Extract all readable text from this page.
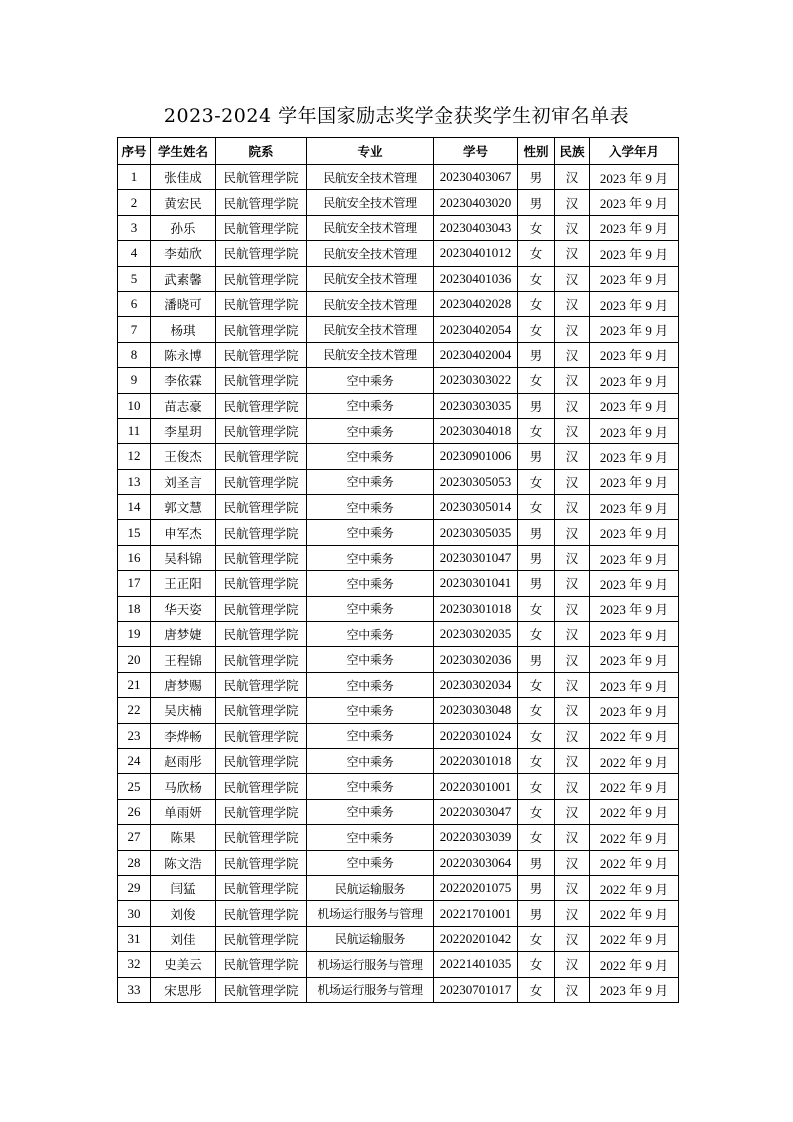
2023-2024 学年国家励志奖学金获奖学生初审名单表
序号	学生姓名	院系	专业	学号	性别	民族	入学年月
1	张佳成	民航管理学院	民航安全技术管理	20230403067	男	汉	2023 年 9 月
2	黄宏民	民航管理学院	民航安全技术管理	20230403020	男	汉	2023 年 9 月
3	孙乐	民航管理学院	民航安全技术管理	20230403043	女	汉	2023 年 9 月
4	李茹欣	民航管理学院	民航安全技术管理	20230401012	女	汉	2023 年 9 月
5	武素馨	民航管理学院	民航安全技术管理	20230401036	女	汉	2023 年 9 月
6	潘晓可	民航管理学院	民航安全技术管理	20230402028	女	汉	2023 年 9 月
7	杨琪	民航管理学院	民航安全技术管理	20230402054	女	汉	2023 年 9 月
8	陈永博	民航管理学院	民航安全技术管理	20230402004	男	汉	2023 年 9 月
9	李依霖	民航管理学院	空中乘务	20230303022	女	汉	2023 年 9 月
10	苗志豪	民航管理学院	空中乘务	20230303035	男	汉	2023 年 9 月
11	李星玥	民航管理学院	空中乘务	20230304018	女	汉	2023 年 9 月
12	王俊杰	民航管理学院	空中乘务	20230901006	男	汉	2023 年 9 月
13	刘圣言	民航管理学院	空中乘务	20230305053	女	汉	2023 年 9 月
14	郭文慧	民航管理学院	空中乘务	20230305014	女	汉	2023 年 9 月
15	申军杰	民航管理学院	空中乘务	20230305035	男	汉	2023 年 9 月
16	吴科锦	民航管理学院	空中乘务	20230301047	男	汉	2023 年 9 月
17	王正阳	民航管理学院	空中乘务	20230301041	男	汉	2023 年 9 月
18	华天姿	民航管理学院	空中乘务	20230301018	女	汉	2023 年 9 月
19	唐梦婕	民航管理学院	空中乘务	20230302035	女	汉	2023 年 9 月
20	王程锦	民航管理学院	空中乘务	20230302036	男	汉	2023 年 9 月
21	唐梦赐	民航管理学院	空中乘务	20230302034	女	汉	2023 年 9 月
22	吴庆楠	民航管理学院	空中乘务	20230303048	女	汉	2023 年 9 月
23	李烨畅	民航管理学院	空中乘务	20220301024	女	汉	2022 年 9 月
24	赵雨彤	民航管理学院	空中乘务	20220301018	女	汉	2022 年 9 月
25	马欣杨	民航管理学院	空中乘务	20220301001	女	汉	2022 年 9 月
26	单雨妍	民航管理学院	空中乘务	20220303047	女	汉	2022 年 9 月
27	陈果	民航管理学院	空中乘务	20220303039	女	汉	2022 年 9 月
28	陈文浩	民航管理学院	空中乘务	20220303064	男	汉	2022 年 9 月
29	闫猛	民航管理学院	民航运输服务	20220201075	男	汉	2022 年 9 月
30	刘俊	民航管理学院	机场运行服务与管理	20221701001	男	汉	2022 年 9 月
31	刘佳	民航管理学院	民航运输服务	20220201042	女	汉	2022 年 9 月
32	史美云	民航管理学院	机场运行服务与管理	20221401035	女	汉	2022 年 9 月
33	宋思彤	民航管理学院	机场运行服务与管理	20230701017	女	汉	2023 年 9 月
